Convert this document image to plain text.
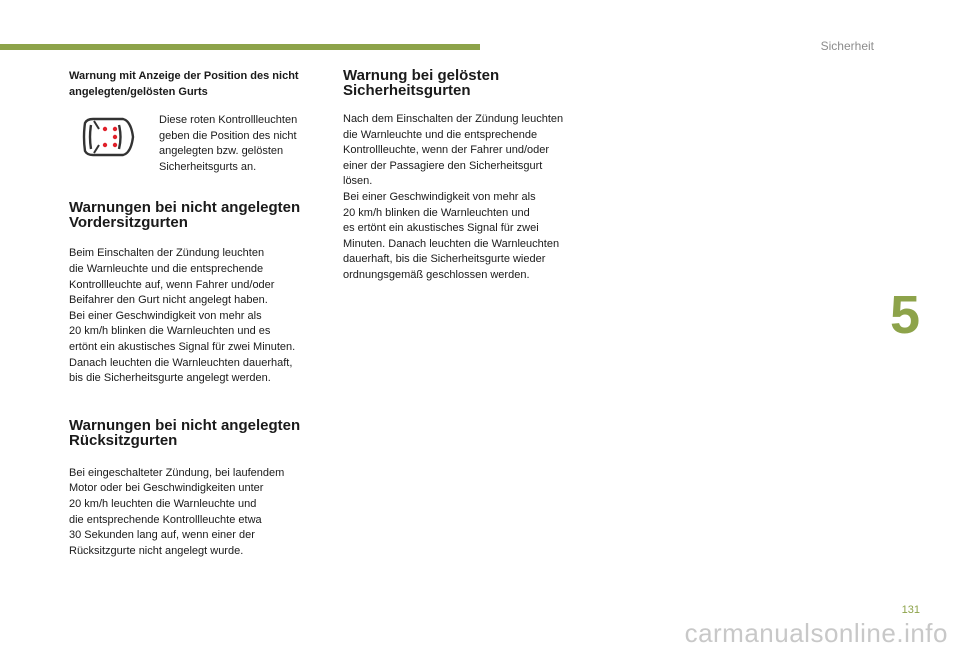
Sicherheit
5

Warnung mit Anzeige der Position des nicht
angelegten/gelösten Gurts

Diese roten Kontrollleuchten
geben die Position des nicht
angelegten bzw. gelösten
Sicherheitsgurts an.
Warnungen bei nicht angelegten
Vordersitzgurten

Beim Einschalten der Zündung leuchten
die Warnleuchte und die entsprechende
Kontrollleuchte auf, wenn Fahrer und/oder
Beifahrer den Gurt nicht angelegt haben.
Bei einer Geschwindigkeit von mehr als
20 km/h blinken die Warnleuchten und es
ertönt ein akustisches Signal für zwei Minuten.
Danach leuchten die Warnleuchten dauerhaft,
bis die Sicherheitsgurte angelegt werden.

Warnungen bei nicht angelegten
Rücksitzgurten

Bei eingeschalteter Zündung, bei laufendem
Motor oder bei Geschwindigkeiten unter
20 km/h leuchten die Warnleuchte und
die entsprechende Kontrollleuchte etwa
30 Sekunden lang auf, wenn einer der
Rücksitzgurte nicht angelegt wurde.

Warnung bei gelösten
Sicherheitsgurten

Nach dem Einschalten der Zündung leuchten
die Warnleuchte und die entsprechende
Kontrollleuchte, wenn der Fahrer und/oder
einer der Passagiere den Sicherheitsgurt
lösen.
Bei einer Geschwindigkeit von mehr als
20 km/h blinken die Warnleuchten und
es ertönt ein akustisches Signal für zwei
Minuten. Danach leuchten die Warnleuchten
dauerhaft, bis die Sicherheitsgurte wieder
ordnungsgemäß geschlossen werden.

131
carmanualsonline.info
